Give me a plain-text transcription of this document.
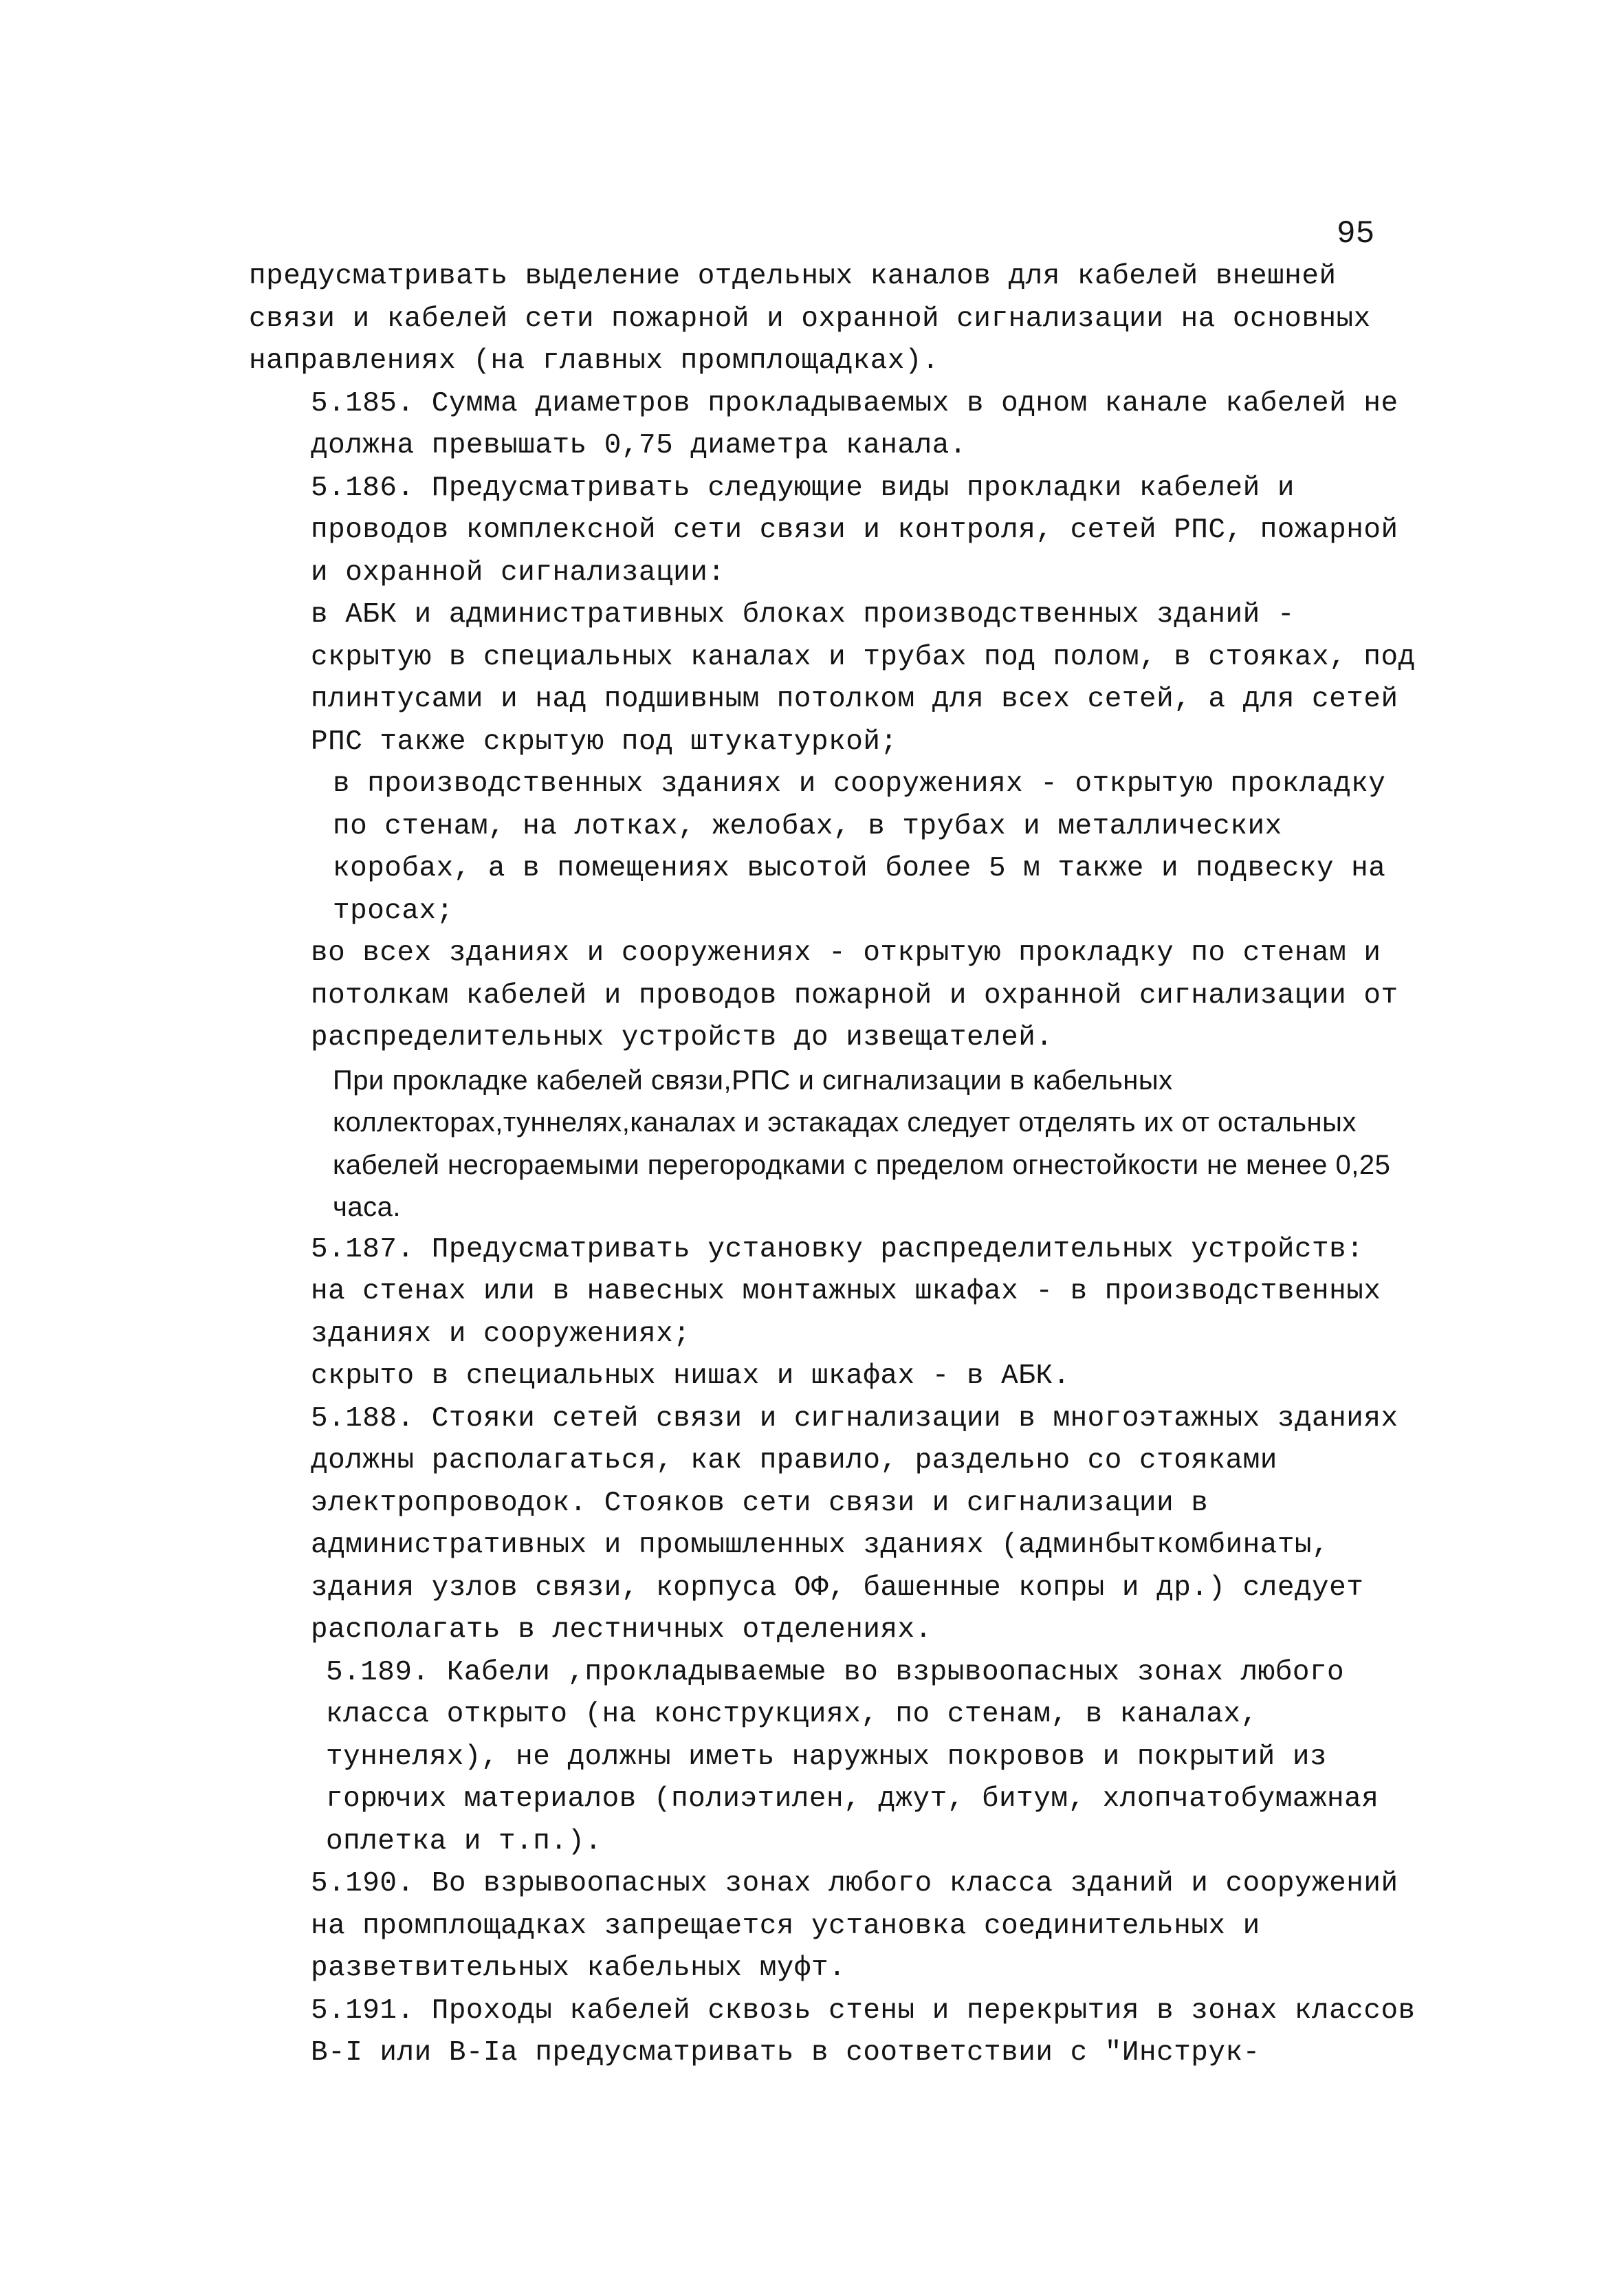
95

предусматривать выделение отдельных каналов для кабелей внешней связи и кабелей сети пожарной и охранной сигнализации на основных направлениях (на главных промплощадках).

5.185. Сумма диаметров прокладываемых в одном канале кабелей не должна превышать 0,75 диаметра канала.

5.186. Предусматривать следующие виды прокладки кабелей и проводов комплексной сети связи и контроля, сетей РПС, пожарной и охранной сигнализации:

в АБК и административных блоках производственных зданий - скрытую в специальных каналах и трубах под полом, в стояках, под плинтусами и над подшивным потолком для всех сетей, а для сетей РПС также скрытую под штукатуркой;

в производственных зданиях и сооружениях - открытую прокладку по стенам, на лотках, желобах, в трубах и металлических коробах, а в помещениях высотой более 5 м также и подвеску на тросах;

во всех зданиях и сооружениях - открытую прокладку по стенам и потолкам кабелей и проводов пожарной и охранной сигнализации от распределительных устройств до извещателей.

При прокладке кабелей связи,РПС и сигнализации в кабельных коллекторах,туннелях,каналах и эстакадах следует отделять их от остальных кабелей несгораемыми перегородками с пределом огнестойкости не менее 0,25 часа.

5.187. Предусматривать установку распределительных устройств:

на стенах или в навесных монтажных шкафах - в производственных зданиях и сооружениях;

скрыто в специальных нишах и шкафах - в АБК.

5.188. Стояки сетей связи и сигнализации в многоэтажных зданиях должны располагаться, как правило, раздельно со стояками электропроводок. Стояков сети связи и сигнализации в административных и промышленных зданиях (админбыткомбинаты, здания узлов связи, корпуса ОФ, башенные копры и др.) следует располагать в лестничных отделениях.

5.189. Кабели ,прокладываемые во взрывоопасных зонах любого класса открыто (на конструкциях, по стенам, в каналах, туннелях), не должны иметь наружных покровов и покрытий из горючих материалов (полиэтилен, джут, битум, хлопчатобумажная оплетка и т.п.).

5.190. Во взрывоопасных зонах любого класса зданий и сооружений на промплощадках запрещается установка соединительных и разветвительных кабельных муфт.

5.191. Проходы кабелей сквозь стены и перекрытия в зонах классов В-I или В-Iа предусматривать в соответствии с "Инструк-
